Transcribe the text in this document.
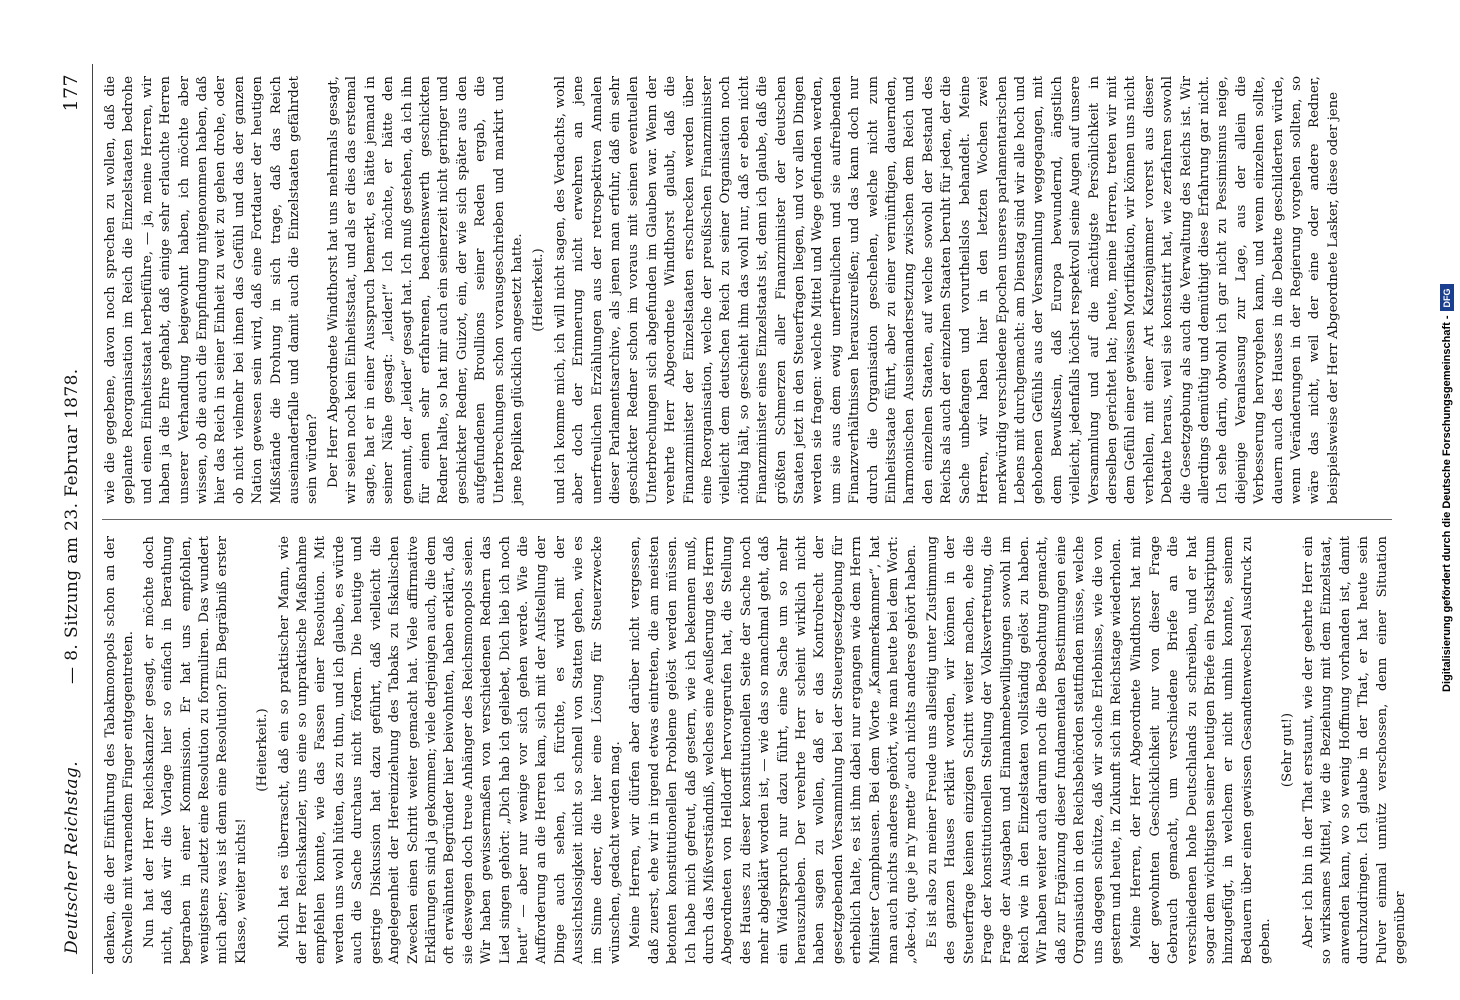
Deutscher Reichstag.
— 8. Sitzung am 23. Februar 1878.
177

denken, die der Einführung des Tabakmonopols schon an der Schwelle mit warnendem Finger entgegentreten. Nun hat der Herr Reichskanzler gesagt, er möchte doch nicht, daß wir die Vorlage hier so einfach in Berathung begraben in einer Kommission. Er hat uns empfohlen, wenigstens zuletzt eine Resolution zu formuliren. Das wundert mich aber; was ist denn eine Resolution? Ein Begräbniß erster Klasse, weiter nichts!

(Heiterkeit.) Mich hat es überrascht, daß ein so praktischer Mann, wie der Herr Reichskanzler, uns eine so unpraktische Maßnahme empfehlen konnte, wie das Fassen einer Resolution. Mit werden uns wohl hüten, das zu thun, und ich glaube, es würde auch die Sache durchaus nicht fördern. Die heutige und gestrige Diskussion hat dazu geführt, daß vielleicht die Angelegenheit der Hereinziehung des Tabaks zu fiskalischen Zwecken einen Schritt weiter gemacht hat. Viele affirmative Erklärungen sind ja gekommen; viele derjenigen auch, die dem oft erwähnten Begründer hier beiwohnten, haben erklärt, daß sie deswegen doch treue Anhänger des Reichsmonopols seien. Wir haben gewissermaßen von verschiedenen Rednern das Lied singen gehört: „Dich hab ich geliebet, Dich lieb ich noch heut“ — aber nur wenige vor sich gehen werde. Wie die Aufforderung an die Herren kam, sich mit der Aufstellung der Dinge auch sehen, ich fürchte, es wird mit der Aussichtslosigkeit nicht so schnell von Statten gehen, wie es im Sinne derer, die hier eine Lösung für Steuerzwecke wünschen, gedacht werden mag. Meine Herren, wir dürfen aber darüber nicht vergessen, daß zuerst, ehe wir in irgend etwas eintreten, die am meisten betonten konstitutionellen Probleme gelöst werden müssen. Ich habe mich gefreut, daß gestern, wie ich bekennen muß, durch das Mißverständniß, welches eine Aeußerung des Herrn Abgeordneten von Helldorff hervorgerufen hat, die Stellung des Hauses zu dieser konstitutionellen Seite der Sache noch mehr abgeklärt worden ist, — wie das so manchmal geht, daß ein Widerspruch nur dazu führt, eine Sache um so mehr herauszuheben. Der verehrte Herr scheint wirklich nicht haben sagen zu wollen, daß er das Kontrolrecht der gesetzgebenden Versammlung bei der Steuergesetzgebung für erheblich halte, es ist ihm dabei nur ergangen wie dem Herrn Minister Camphausen. Bei dem Worte „Kammerkammer“, hat man auch nichts anderes gehört, wie man heute bei dem Wort: „oke-toi, que je m'y mette“ auch nichts anderes gehört haben. Es ist also zu meiner Freude uns allseitig unter Zustimmung des ganzen Hauses erklärt worden, wir können in der Steuerfrage keinen einzigen Schritt weiter machen, ehe die Frage der konstitutionellen Stellung der Volksvertretung, die Frage der Ausgaben und Einnahmebewilligungen sowohl im Reich wie in den Einzelstaaten vollständig gelöst zu haben. Wir haben weiter auch darum noch die Beobachtung gemacht, daß zur Ergänzung dieser fundamentalen Bestimmungen eine Organisation in den Reichsbehörden stattfinden müsse, welche uns dagegen schütze, daß wir solche Erlebnisse, wie die von gestern und heute, in Zukunft sich im Reichstage wiederholen. Meine Herren, der Herr Abgeordnete Windthorst hat mit der gewohnten Geschicklichkeit nur von dieser Frage Gebrauch gemacht, um verschiedene Briefe an die verschiedenen hohe Deutschlands zu schreiben, und er hat sogar dem wichtigsten seiner heutigen Briefe ein Postskriptum hinzugefügt, in welchem er nicht umhin konnte, seinem Bedauern über einen gewissen Gesandtenwechsel Ausdruck zu geben.

(Sehr gut!) Aber ich bin in der That erstaunt, wie der geehrte Herr ein so wirksames Mittel, wie die Beziehung mit dem Einzelstaat, anwenden kann, wo so wenig Hoffnung vorhanden ist, damit durchzudringen. Ich glaube in der That, er hat heute sein Pulver einmal unnütz verschossen, denn einer Situation gegenüber

wie die gegebene, davon noch sprechen zu wollen, daß die geplante Reorganisation im Reich die Einzelstaaten bedrohe und einen Einheitsstaat herbeiführe, — ja, meine Herren, wir haben ja die Ehre gehabt, daß einige sehr erlauchte Herren unserer Verhandlung beigewohnt haben, ich möchte aber wissen, ob die auch die Empfindung mitgenommen haben, daß hier das Reich in seiner Einheit zu weit zu gehen drohe, oder ob nicht vielmehr bei ihnen das Gefühl und das der ganzen Nation gewesen sein wird, daß eine Fortdauer der heutigen Mißstände die Drohung in sich trage, daß das Reich auseinanderfalle und damit auch die Einzelstaaten gefährdet sein würden? Der Herr Abgeordnete Windthorst hat uns mehrmals gesagt, wir seien noch kein Einheitsstaat, und als er dies das erstemal sagte, hat er in einer Ausspruch bemerkt, es hätte jemand in seiner Nähe gesagt: „leider!“ Ich möchte, er hätte den genannt, der „leider“ gesagt hat. Ich muß gestehen, da ich ihn für einen sehr erfahrenen, beachtenswerth geschickten Redner halte, so hat mir auch ein seinerzeit nicht geringer und geschickter Redner, Guizot, ein, der wie sich später aus den aufgefundenen Broullions seiner Reden ergab, die Unterbrechungen schon vorausgeschrieben und markirt und jene Repliken glücklich angesetzt hatte. (Heiterkeit.) und ich komme mich, ich will nicht sagen, des Verdachts, wohl aber doch der Erinnerung nicht erwehren an jene unerfreulichen Erzählungen aus der retrospektiven Annalen dieser Parlamentsarchive, als jenen man erfuhr, daß ein sehr geschickter Redner schon im voraus mit seinen eventuellen Unterbrechungen sich abgefunden im Glauben war. Wenn der verehrte Herr Abgeordnete Windthorst glaubt, daß die Finanzminister der Einzelstaaten erschrecken werden über eine Reorganisation, welche der preußischen Finanzminister vielleicht dem deutschen Reich zu seiner Organisation noch nöthig hält, so geschieht ihm das wohl nur, daß er eben nicht Finanzminister eines Einzelstaats ist, denn ich glaube, daß die größten Schmerzen aller Finanzminister der deutschen Staaten jetzt in den Steuerfragen liegen, und vor allen Dingen werden sie fragen: welche Mittel und Wege gefunden werden, um sie aus dem ewig unerfreulichen und sie aufreibenden Finanzverhältnissen herauszureißen; und das kann doch nur durch die Organisation geschehen, welche nicht zum Einheitsstaate führt, aber zu einer vernünftigen, dauernden, harmonischen Auseinandersetzung zwischen dem Reich und den einzelnen Staaten, auf welche sowohl der Bestand des Reichs als auch der einzelnen Staaten beruht für jeden, der die Sache unbefangen und vorurtheilslos behandelt. Meine Herren, wir haben hier in den letzten Wochen zwei merkwürdig verschiedene Epochen unseres parlamentarischen Lebens mit durchgemacht: am Dienstag sind wir alle hoch und gehobenen Gefühls aus der Versammlung weggegangen, mit dem Bewußtsein, daß Europa bewundernd, ängstlich vielleicht, jedenfalls höchst respektvoll seine Augen auf unsere Versammlung und auf die mächtigste Persönlichkeit in derselben gerichtet hat; heute, meine Herren, treten wir mit dem Gefühl einer gewissen Mortifikation, wir können uns nicht verhehlen, mit einer Art Katzenjammer vorerst aus dieser Debatte heraus, weil sie konstatirt hat, wie zerfahren sowohl die Gesetzgebung als auch die Verwaltung des Reichs ist. Wir allerdings demüthig und demüthigt diese Erfahrung gar nicht. Ich sehe darin, obwohl ich gar nicht zu Pessimismus neige, diejenige Veranlassung zur Lage, aus der allein die Verbesserung hervorgehen kann, und wenn einzelnen sollte, dauern auch des Hauses in die Debatte geschilderten würde, wenn Veränderungen in der Regierung vorgehen sollten, so wäre das nicht, weil der eine oder andere Redner, beispielsweise der Herr Abgeordnete Lasker, diese oder jene	Digitalisierung gefördert durch die Deutsche Forschungsgemeinschaft -DFG
